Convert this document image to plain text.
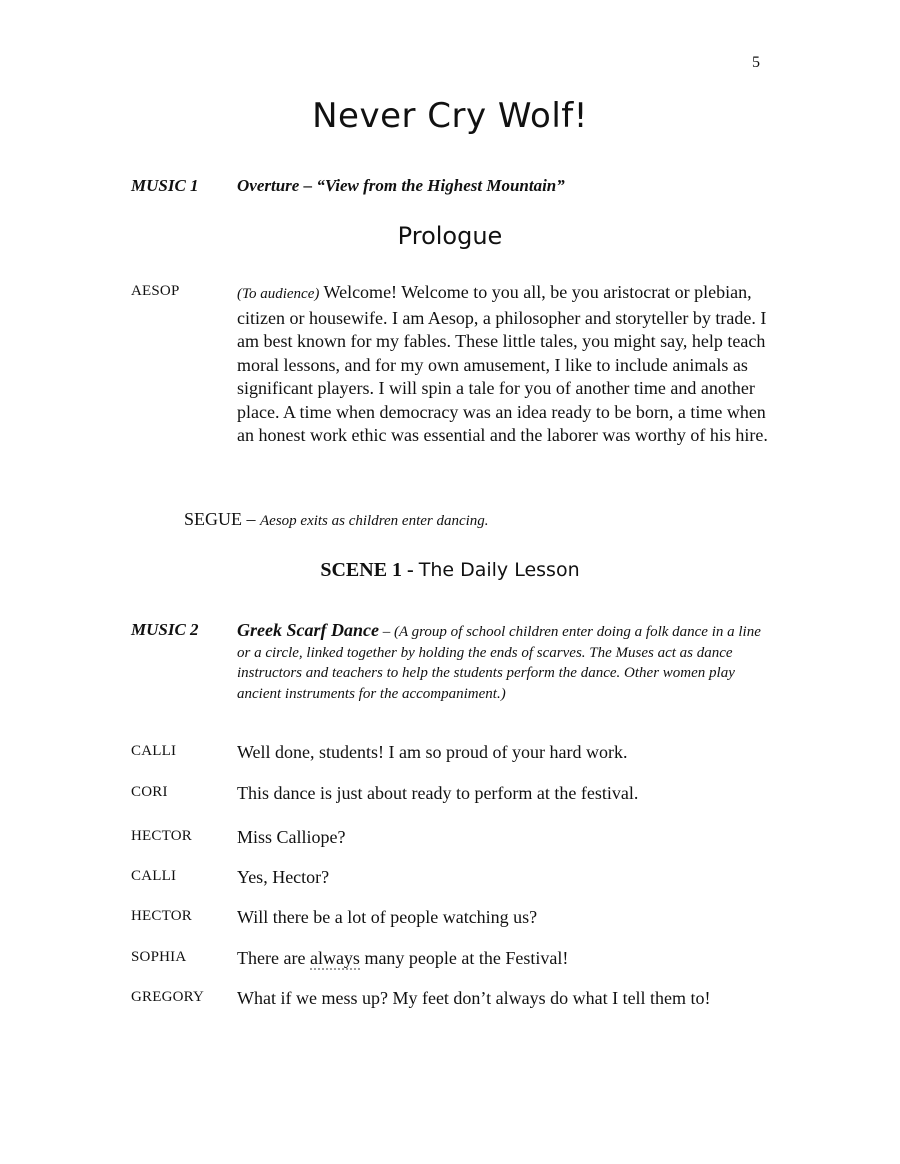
5
Never Cry Wolf!
MUSIC 1 Overture – “View from the Highest Mountain”
Prologue
AESOP	(To audience) Welcome! Welcome to you all, be you aristocrat or plebian, citizen or housewife. I am Aesop, a philosopher and storyteller by trade. I am best known for my fables. These little tales, you might say, help teach moral lessons, and for my own amusement, I like to include animals as significant players. I will spin a tale for you of another time and another place. A time when democracy was an idea ready to be born, a time when an honest work ethic was essential and the laborer was worthy of his hire.
SEGUE – Aesop exits as children enter dancing.
SCENE 1 - The Daily Lesson
MUSIC 2 Greek Scarf Dance – (A group of school children enter doing a folk dance in a line or a circle, linked together by holding the ends of scarves. The Muses act as dance instructors and teachers to help the students perform the dance. Other women play ancient instruments for the accompaniment.)
CALLI	Well done, students! I am so proud of your hard work.
CORI	This dance is just about ready to perform at the festival.
HECTOR	Miss Calliope?
CALLI	Yes, Hector?
HECTOR	Will there be a lot of people watching us?
SOPHIA	There are always many people at the Festival!
GREGORY What if we mess up? My feet don’t always do what I tell them to!
